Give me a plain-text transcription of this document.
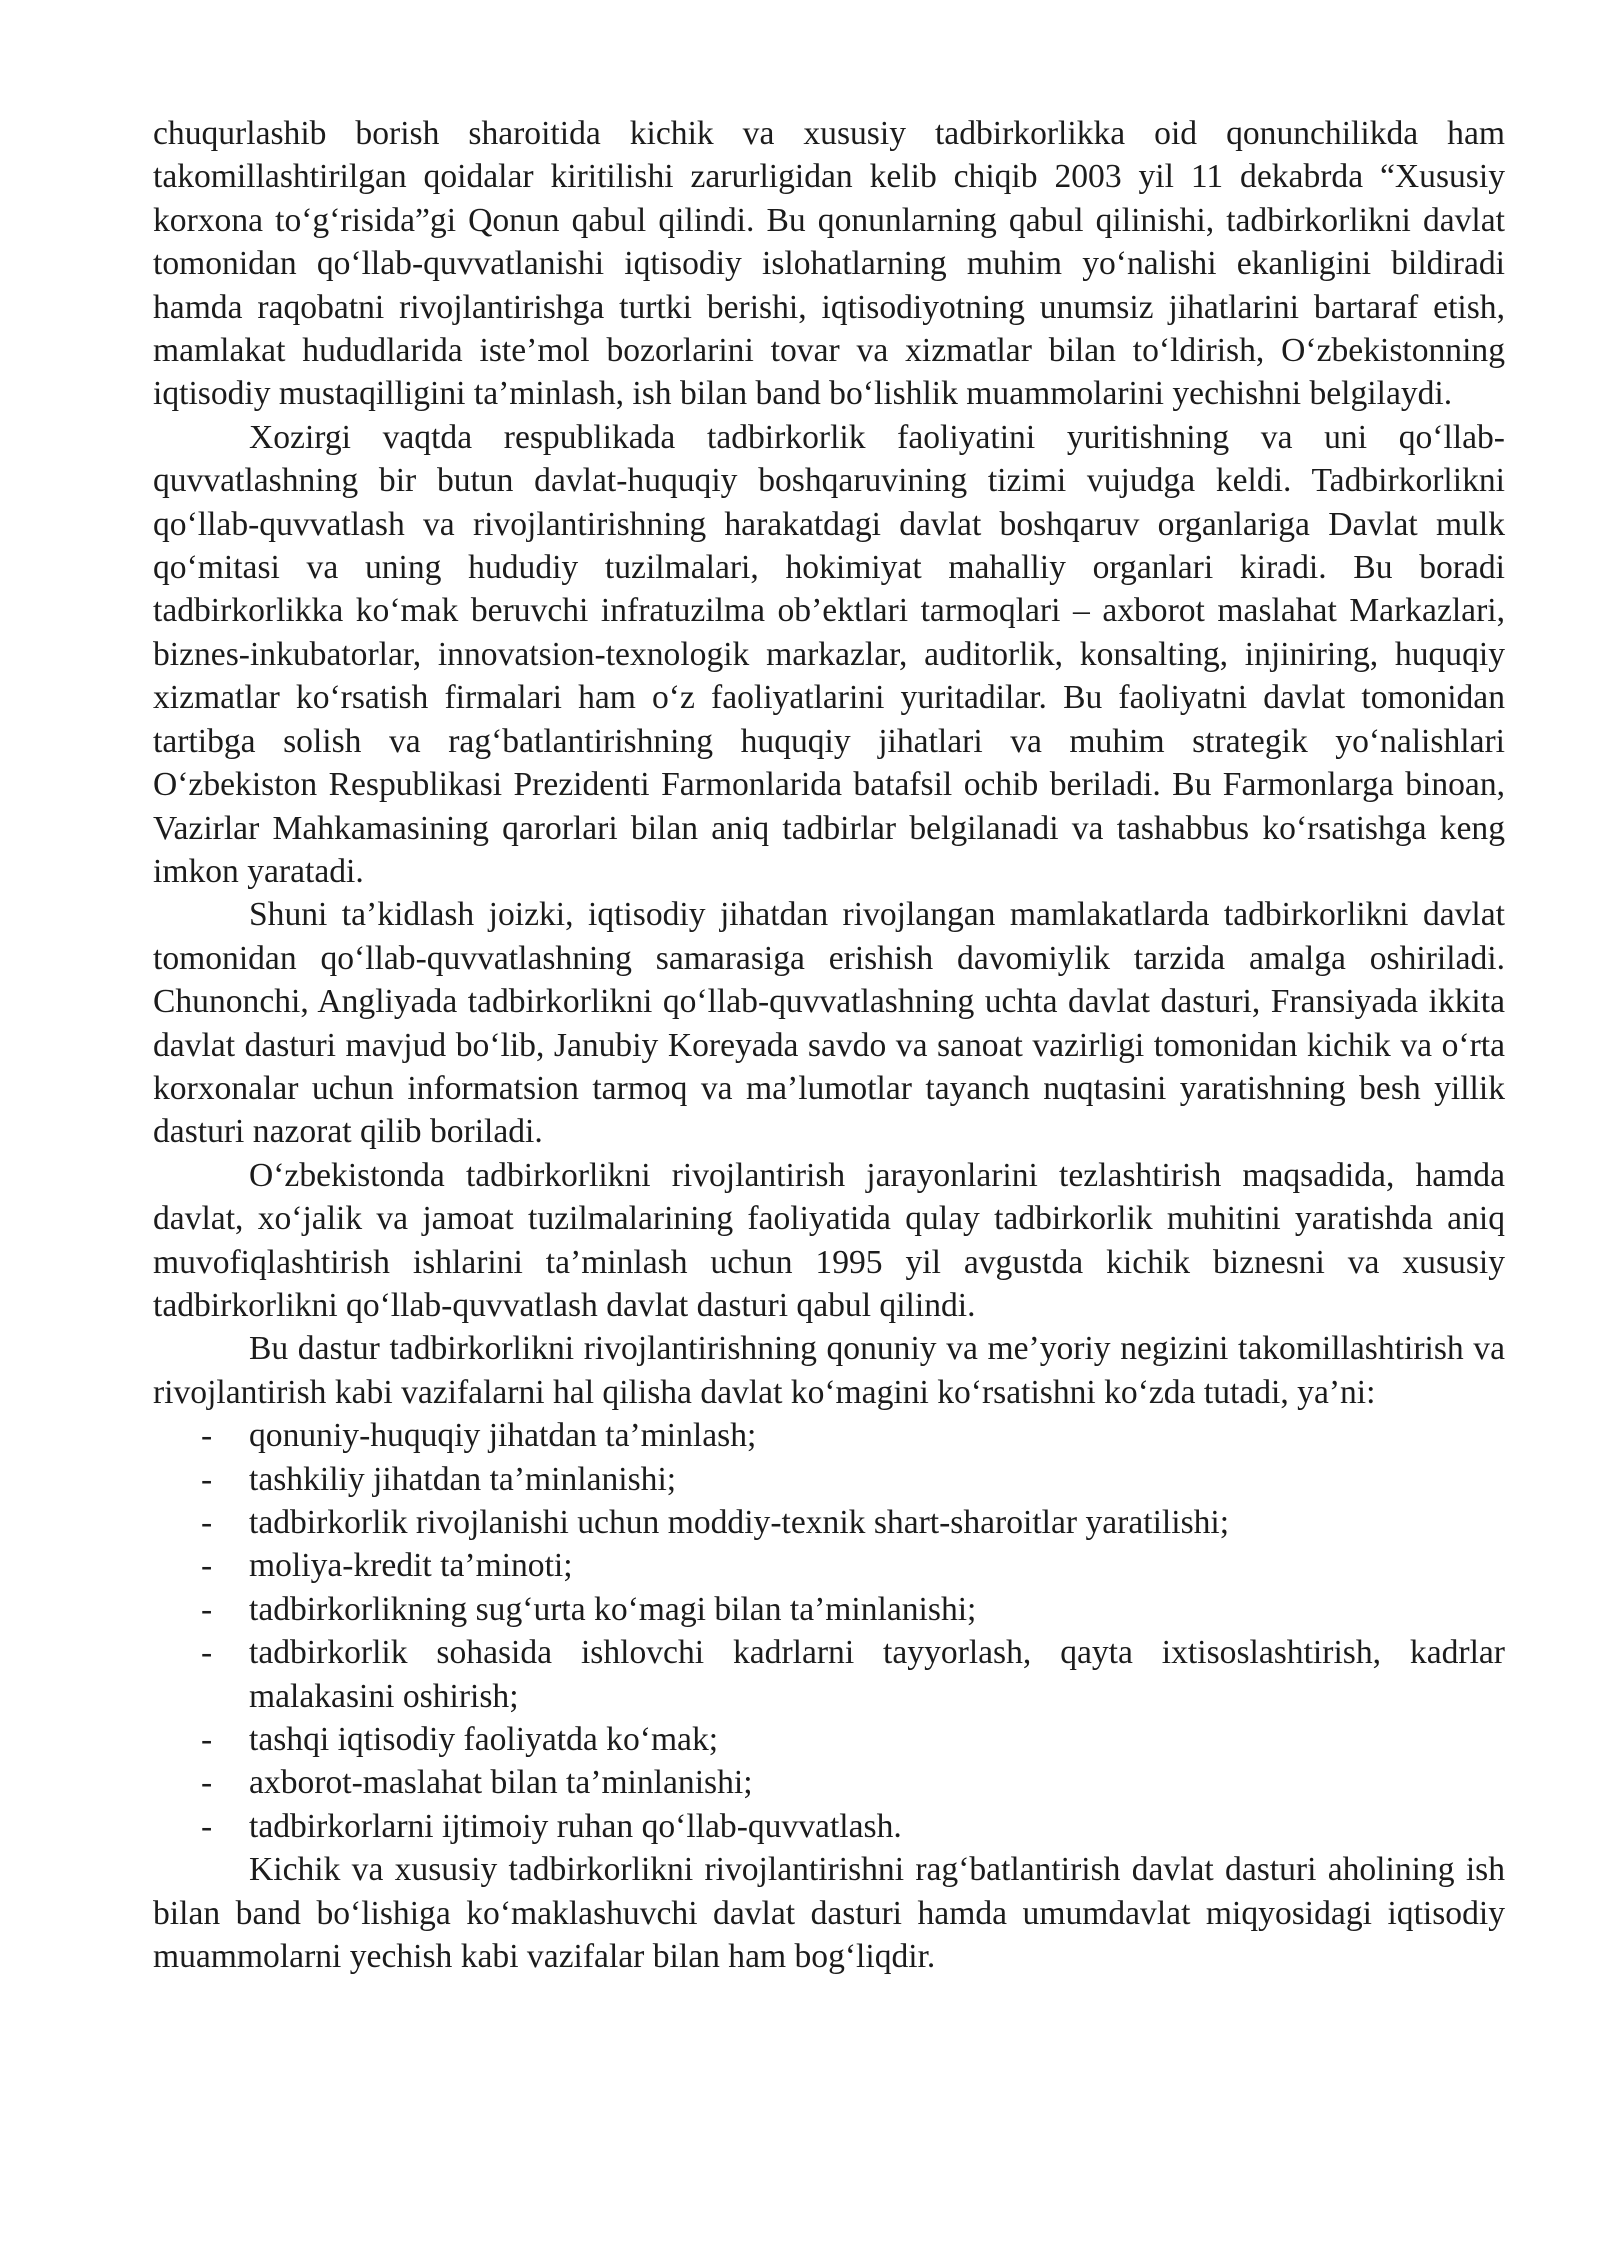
chuqurlashib borish sharoitida kichik va xususiy tadbirkorlikka oid qonunchilikda ham takomillashtirilgan qoidalar kiritilishi zarurligidan kelib chiqib 2003 yil 11 dekabrda “Xususiy korxona to‘g‘risida”gi Qonun qabul qilindi. Bu qonunlarning qabul qilinishi, tadbirkorlikni davlat tomonidan qo‘llab-quvvatlanishi iqtisodiy islohatlarning muhim yo‘nalishi ekanligini bildiradi hamda raqobatni rivojlantirishga turtki berishi, iqtisodiyotning unumsiz jihatlarini bartaraf etish, mamlakat hududlarida iste’mol bozorlarini tovar va xizmatlar bilan to‘ldirish, O‘zbekistonning iqtisodiy mustaqilligini ta’minlash, ish bilan band bo‘lishlik muammolarini yechishni belgilaydi.

Xozirgi vaqtda respublikada tadbirkorlik faoliyatini yuritishning va uni qo‘llab-quvvatlashning bir butun davlat-huquqiy boshqaruvining tizimi vujudga keldi. Tadbirkorlikni qo‘llab-quvvatlash va rivojlantirishning harakatdagi davlat boshqaruv organlariga Davlat mulk qo‘mitasi va uning hududiy tuzilmalari, hokimiyat mahalliy organlari kiradi. Bu boradi tadbirkorlikka ko‘mak beruvchi infratuzilma ob’ektlari tarmoqlari – axborot maslahat Markazlari, biznes-inkubatorlar, innovatsion-texnologik markazlar, auditorlik, konsalting, injiniring, huquqiy xizmatlar ko‘rsatish firmalari ham o‘z faoliyatlarini yuritadilar. Bu faoliyatni davlat tomonidan tartibga solish va rag‘batlantirishning huquqiy jihatlari va muhim strategik yo‘nalishlari O‘zbekiston Respublikasi Prezidenti Farmonlarida batafsil ochib beriladi. Bu Farmonlarga binoan, Vazirlar Mahkamasining qarorlari bilan aniq tadbirlar belgilanadi va tashabbus ko‘rsatishga keng imkon yaratadi.

Shuni ta’kidlash joizki, iqtisodiy jihatdan rivojlangan mamlakatlarda tadbirkorlikni davlat tomonidan qo‘llab-quvvatlashning samarasiga erishish davomiylik tarzida amalga oshiriladi. Chunonchi, Angliyada tadbirkorlikni qo‘llab-quvvatlashning uchta davlat dasturi, Fransiyada ikkita davlat dasturi mavjud bo‘lib, Janubiy Koreyada savdo va sanoat vazirligi tomonidan kichik va o‘rta korxonalar uchun informatsion tarmoq va ma’lumotlar tayanch nuqtasini yaratishning besh yillik dasturi nazorat qilib boriladi.

O‘zbekistonda tadbirkorlikni rivojlantirish jarayonlarini tezlashtirish maqsadida, hamda davlat, xo‘jalik va jamoat tuzilmalarining faoliyatida qulay tadbirkorlik muhitini yaratishda aniq muvofiqlashtirish ishlarini ta’minlash uchun 1995 yil avgustda kichik biznesni va xususiy tadbirkorlikni qo‘llab-quvvatlash davlat dasturi qabul qilindi.

Bu dastur tadbirkorlikni rivojlantirishning qonuniy va me’yoriy negizini takomillashtirish va rivojlantirish kabi vazifalarni hal qilisha davlat ko‘magini ko‘rsatishni ko‘zda tutadi, ya’ni:

- qonuniy-huquqiy jihatdan ta’minlash;
- tashkiliy jihatdan ta’minlanishi;
- tadbirkorlik rivojlanishi uchun moddiy-texnik shart-sharoitlar yaratilishi;
- moliya-kredit ta’minoti;
- tadbirkorlikning sug‘urta ko‘magi bilan ta’minlanishi;
- tadbirkorlik sohasida ishlovchi kadrlarni tayyorlash, qayta ixtisoslashtirish, kadrlar malakasini oshirish;
- tashqi iqtisodiy faoliyatda ko‘mak;
- axborot-maslahat bilan ta’minlanishi;
- tadbirkorlarni ijtimoiy ruhan qo‘llab-quvvatlash.

Kichik va xususiy tadbirkorlikni rivojlantirishni rag‘batlantirish davlat dasturi aholining ish bilan band bo‘lishiga ko‘maklashuvchi davlat dasturi hamda umumdavlat miqyosidagi iqtisodiy muammolarni yechish kabi vazifalar bilan ham bog‘liqdir.
